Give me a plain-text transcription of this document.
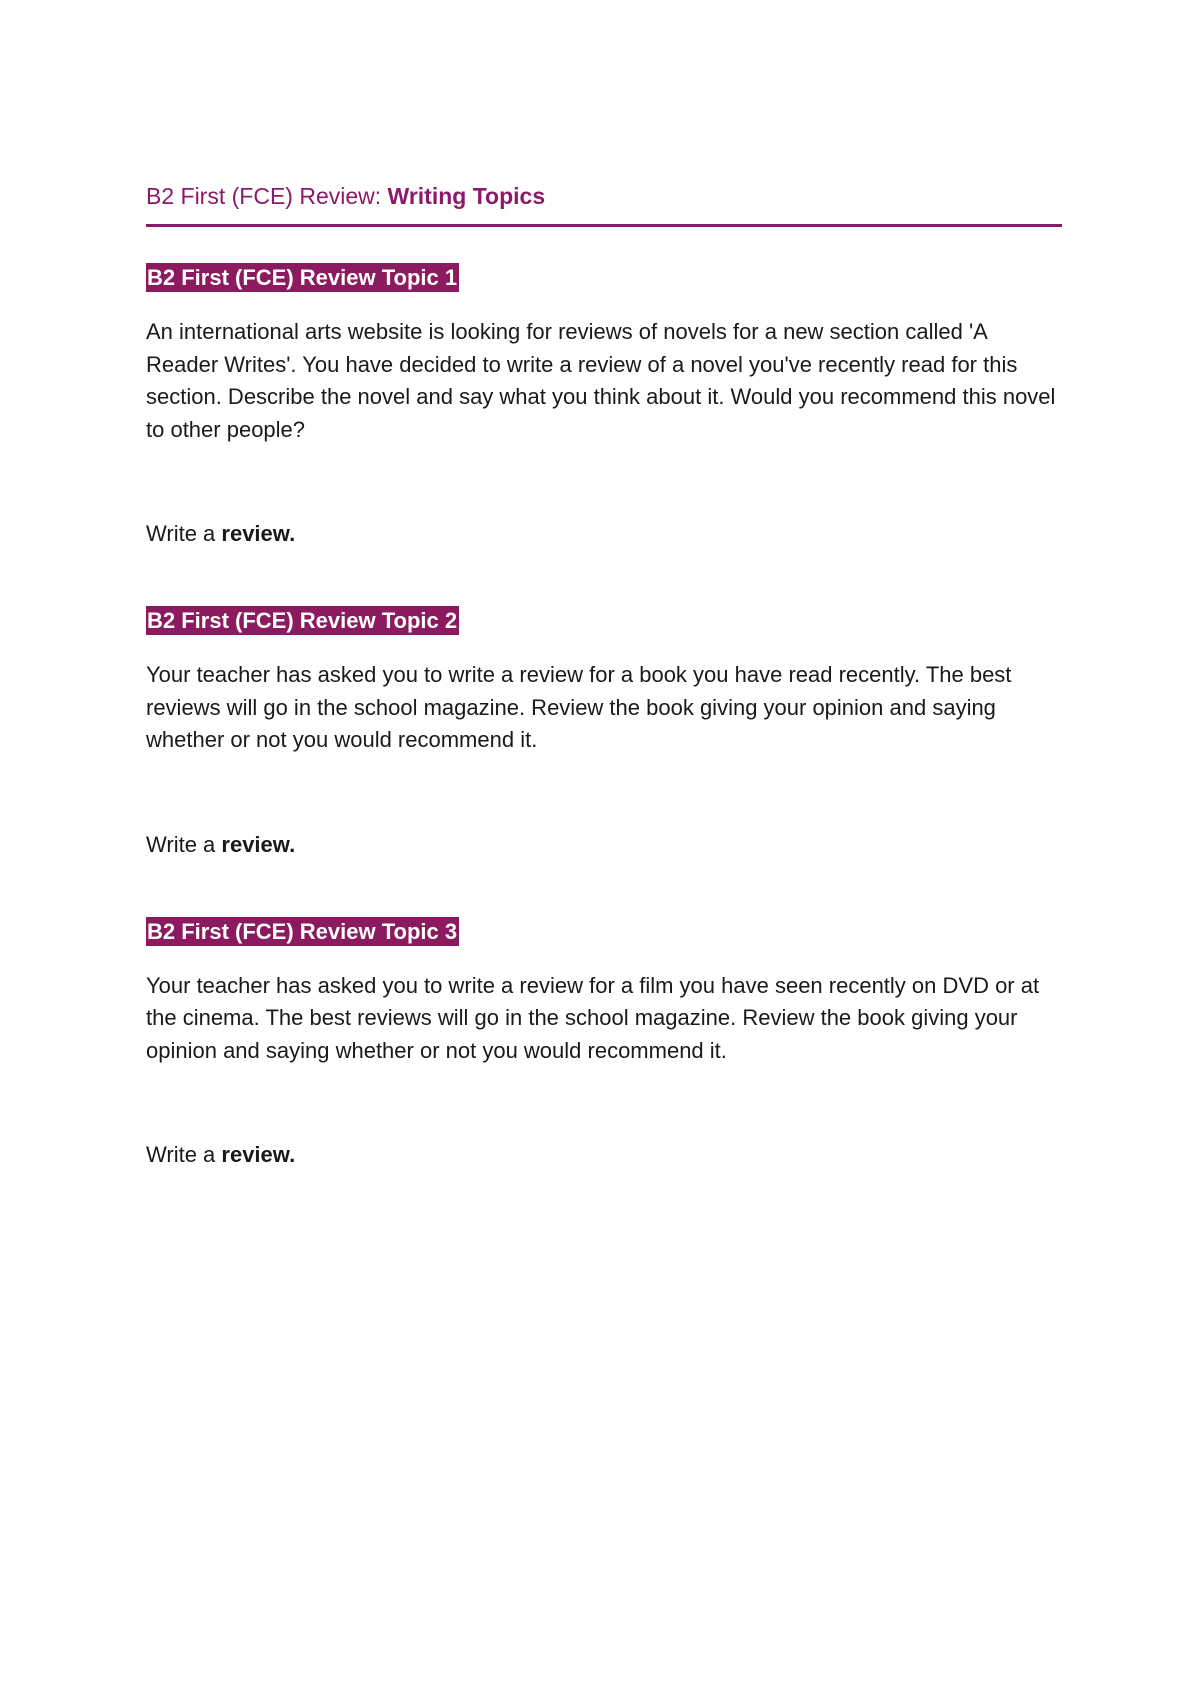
B2 First (FCE) Review: Writing Topics
B2 First (FCE) Review Topic 1

An international arts website is looking for reviews of novels for a new section called 'A Reader Writes'. You have decided to write a review of a novel you've recently read for this section. Describe the novel and say what you think about it. Would you recommend this novel to other people?

Write a review.

B2 First (FCE) Review Topic 2

Your teacher has asked you to write a review for a book you have read recently. The best reviews will go in the school magazine. Review the book giving your opinion and saying whether or not you would recommend it.

Write a review.

B2 First (FCE) Review Topic 3

Your teacher has asked you to write a review for a film you have seen recently on DVD or at the cinema. The best reviews will go in the school magazine. Review the book giving your opinion and saying whether or not you would recommend it.

Write a review.
